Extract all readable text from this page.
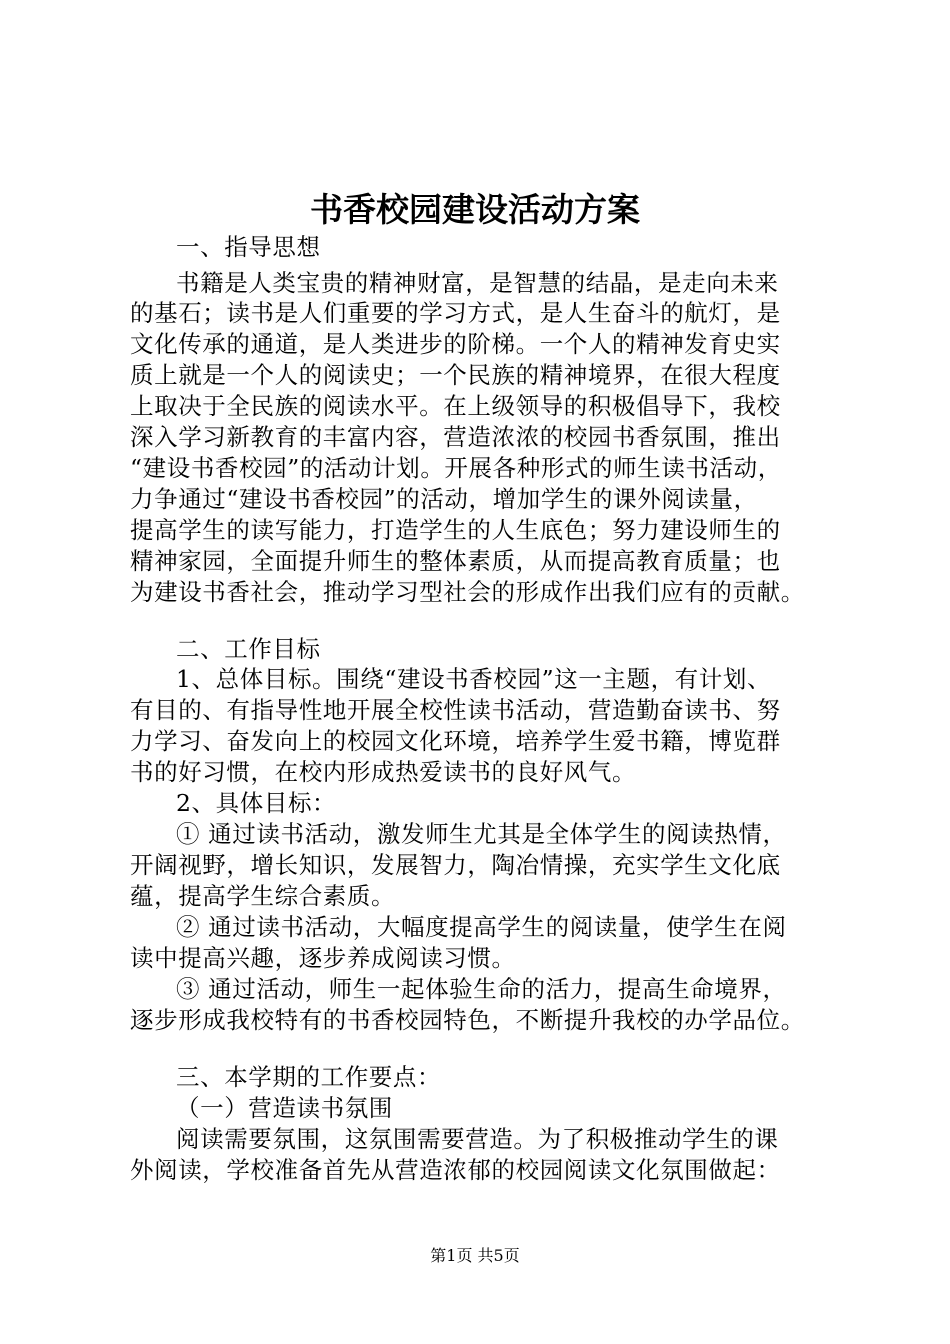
书香校园建设活动方案
一、指导思想
书籍是人类宝贵的精神财富，是智慧的结晶，是走向未来
的基石；读书是人们重要的学习方式，是人生奋斗的航灯，是
文化传承的通道，是人类进步的阶梯。一个人的精神发育史实
质上就是一个人的阅读史；一个民族的精神境界，在很大程度
上取决于全民族的阅读水平。在上级领导的积极倡导下，我校
深入学习新教育的丰富内容，营造浓浓的校园书香氛围，推出
“建设书香校园”的活动计划。开展各种形式的师生读书活动，
力争通过“建设书香校园”的活动，增加学生的课外阅读量，
提高学生的读写能力，打造学生的人生底色；努力建设师生的
精神家园，全面提升师生的整体素质，从而提高教育质量；也
为建设书香社会，推动学习型社会的形成作出我们应有的贡献。
二、工作目标
1、总体目标。围绕“建设书香校园”这一主题，有计划、
有目的、有指导性地开展全校性读书活动，营造勤奋读书、努
力学习、奋发向上的校园文化环境，培养学生爱书籍，博览群
书的好习惯，在校内形成热爱读书的良好风气。
2、具体目标：
① 通过读书活动，激发师生尤其是全体学生的阅读热情，
开阔视野，增长知识，发展智力，陶冶情操，充实学生文化底
蕴，提高学生综合素质。
② 通过读书活动，大幅度提高学生的阅读量，使学生在阅
读中提高兴趣，逐步养成阅读习惯。
③ 通过活动，师生一起体验生命的活力，提高生命境界，
逐步形成我校特有的书香校园特色，不断提升我校的办学品位。
三、本学期的工作要点：
（一）营造读书氛围
阅读需要氛围，这氛围需要营造。为了积极推动学生的课
外阅读，学校准备首先从营造浓郁的校园阅读文化氛围做起：
第1页 共5页
